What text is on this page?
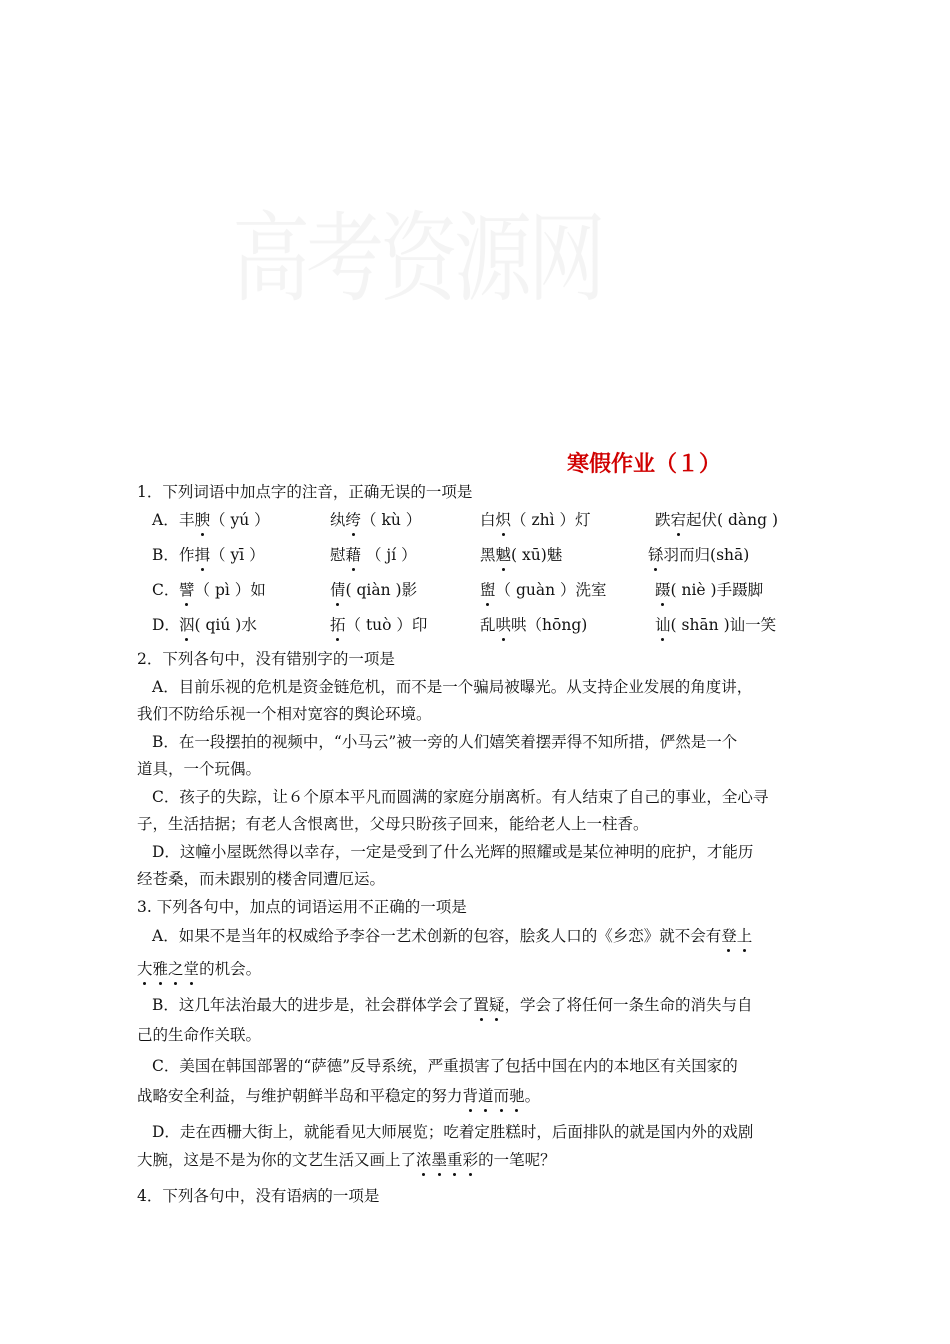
寒假作业（１）
1．下列词语中加点字的注音，正确无误的一项是
A． 丰腴（ yú ）	纨绔（ kù ）	白炽（ zhì ）灯	跌宕起伏( dàng )
B． 作揖（ yī ）	慰藉 （ jí ）	黑魆( xū)魅	铩羽而归(shā)
C． 譬（ pì ）如	倩( qiàn )影	盥（ guàn ）洗室	蹑( niè )手蹑脚
D． 泅( qiú )水	拓（ tuò ）印	乱哄哄（hōng)	讪( shān )讪一笑
2．下列各句中，没有错别字的一项是
A．目前乐视的危机是资金链危机，而不是一个骗局被曝光。从支持企业发展的角度讲，
我们不防给乐视一个相对宽容的舆论环境。
B．在一段摆拍的视频中，“小马云”被一旁的人们嬉笑着摆弄得不知所措，俨然是一个
道具，一个玩偶。
C．孩子的失踪，让６个原本平凡而圆满的家庭分崩离析。有人结束了自己的事业，全心寻
子，生活拮据；有老人含恨离世，父母只盼孩子回来，能给老人上一柱香。
D．这幢小屋既然得以幸存，一定是受到了什么光辉的照耀或是某位神明的庇护，才能历
经苍桑，而未跟别的楼舍同遭厄运。
3. 下列各句中，加点的词语运用不正确的一项是
A．如果不是当年的权威给予李谷一艺术创新的包容，脍炙人口的《乡恋》就不会有登上
大雅之堂的机会。
B．这几年法治最大的进步是，社会群体学会了置疑，学会了将任何一条生命的消失与自
己的生命作关联。
C．美国在韩国部署的“萨德”反导系统，严重损害了包括中国在内的本地区有关国家的
战略安全利益，与维护朝鲜半岛和平稳定的努力背道而驰。
D．走在西栅大街上，就能看见大师展览；吃着定胜糕时，后面排队的就是国内外的戏剧
大腕，这是不是为你的文艺生活又画上了浓墨重彩的一笔呢？
4．下列各句中，没有语病的一项是
